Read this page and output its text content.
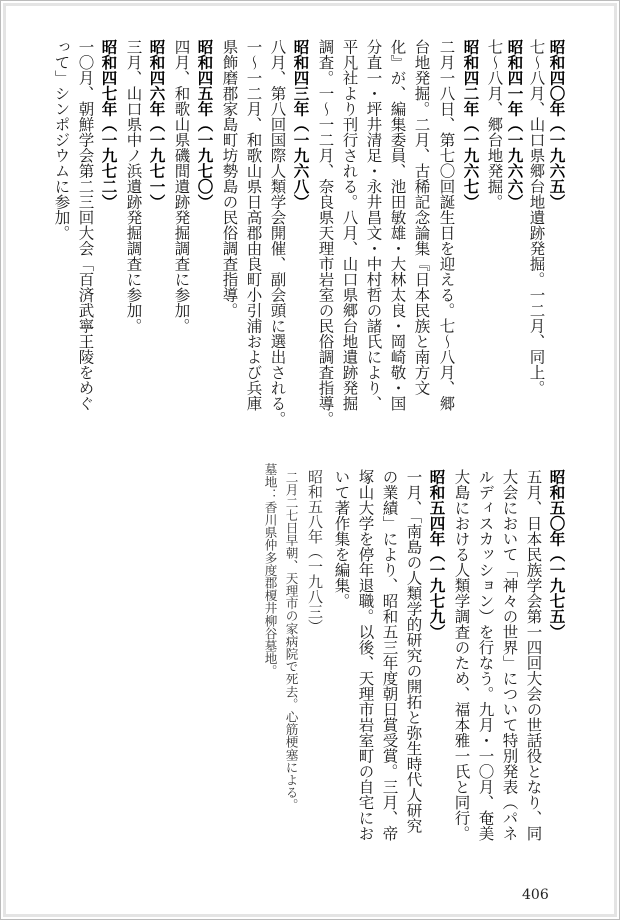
昭和四〇年（一九六五）
七～八月、山口県郷台地遺跡発掘。一二月、同上。
昭和四一年（一九六六）
七～八月、郷台地発掘。
昭和四二年（一九六七）
二月一八日、第七〇回誕生日を迎える。七～八月、郷
台地発掘。二月、古稀記念論集『日本民族と南方文
化』が、編集委員、池田敏雄・大林太良・岡崎敬・国
分直一・坪井清足・永井昌文・中村哲の諸氏により、
平凡社より刊行される。八月、山口県郷台地遺跡発掘
調査。一〜一二月、奈良県天理市岩室の民俗調査指導。
昭和四三年（一九六八）
八月、第八回国際人類学会開催、副会頭に選出される。
一〜一二月、和歌山県日高郡由良町小引浦および兵庫
県飾磨郡家島町坊勢島の民俗調査指導。
昭和四五年（一九七〇）
四月、和歌山県磯間遺跡発掘調査に参加。
昭和四六年（一九七一）
三月、山口県中ノ浜遺跡発掘調査に参加。
昭和四七年（一九七二）
一〇月、朝鮮学会第二三回大会「百済武寧王陵をめぐ
って」シンポジウムに参加。
昭和五〇年（一九七五）
五月、日本民族学会第一四回大会の世話役となり、同
大会において「神々の世界」について特別発表（パネ
ルディスカッション）を行なう。九月・一〇月、奄美
大島における人類学調査のため、福本雅一氏と同行。
昭和五四年（一九七九）
一月、「南島の人類学的研究の開拓と弥生時代人研究
の業績」により、昭和五三年度朝日賞受賞。三月、帝
塚山大学を停年退職。以後、天理市岩室町の自宅にお
いて著作集を編集。
昭和五八年（一九八三）
二月二七日早朝、天理市の家病院で死去。心筋梗塞による。
墓地：香川県仲多度郡榎井柳谷墓地。
406
